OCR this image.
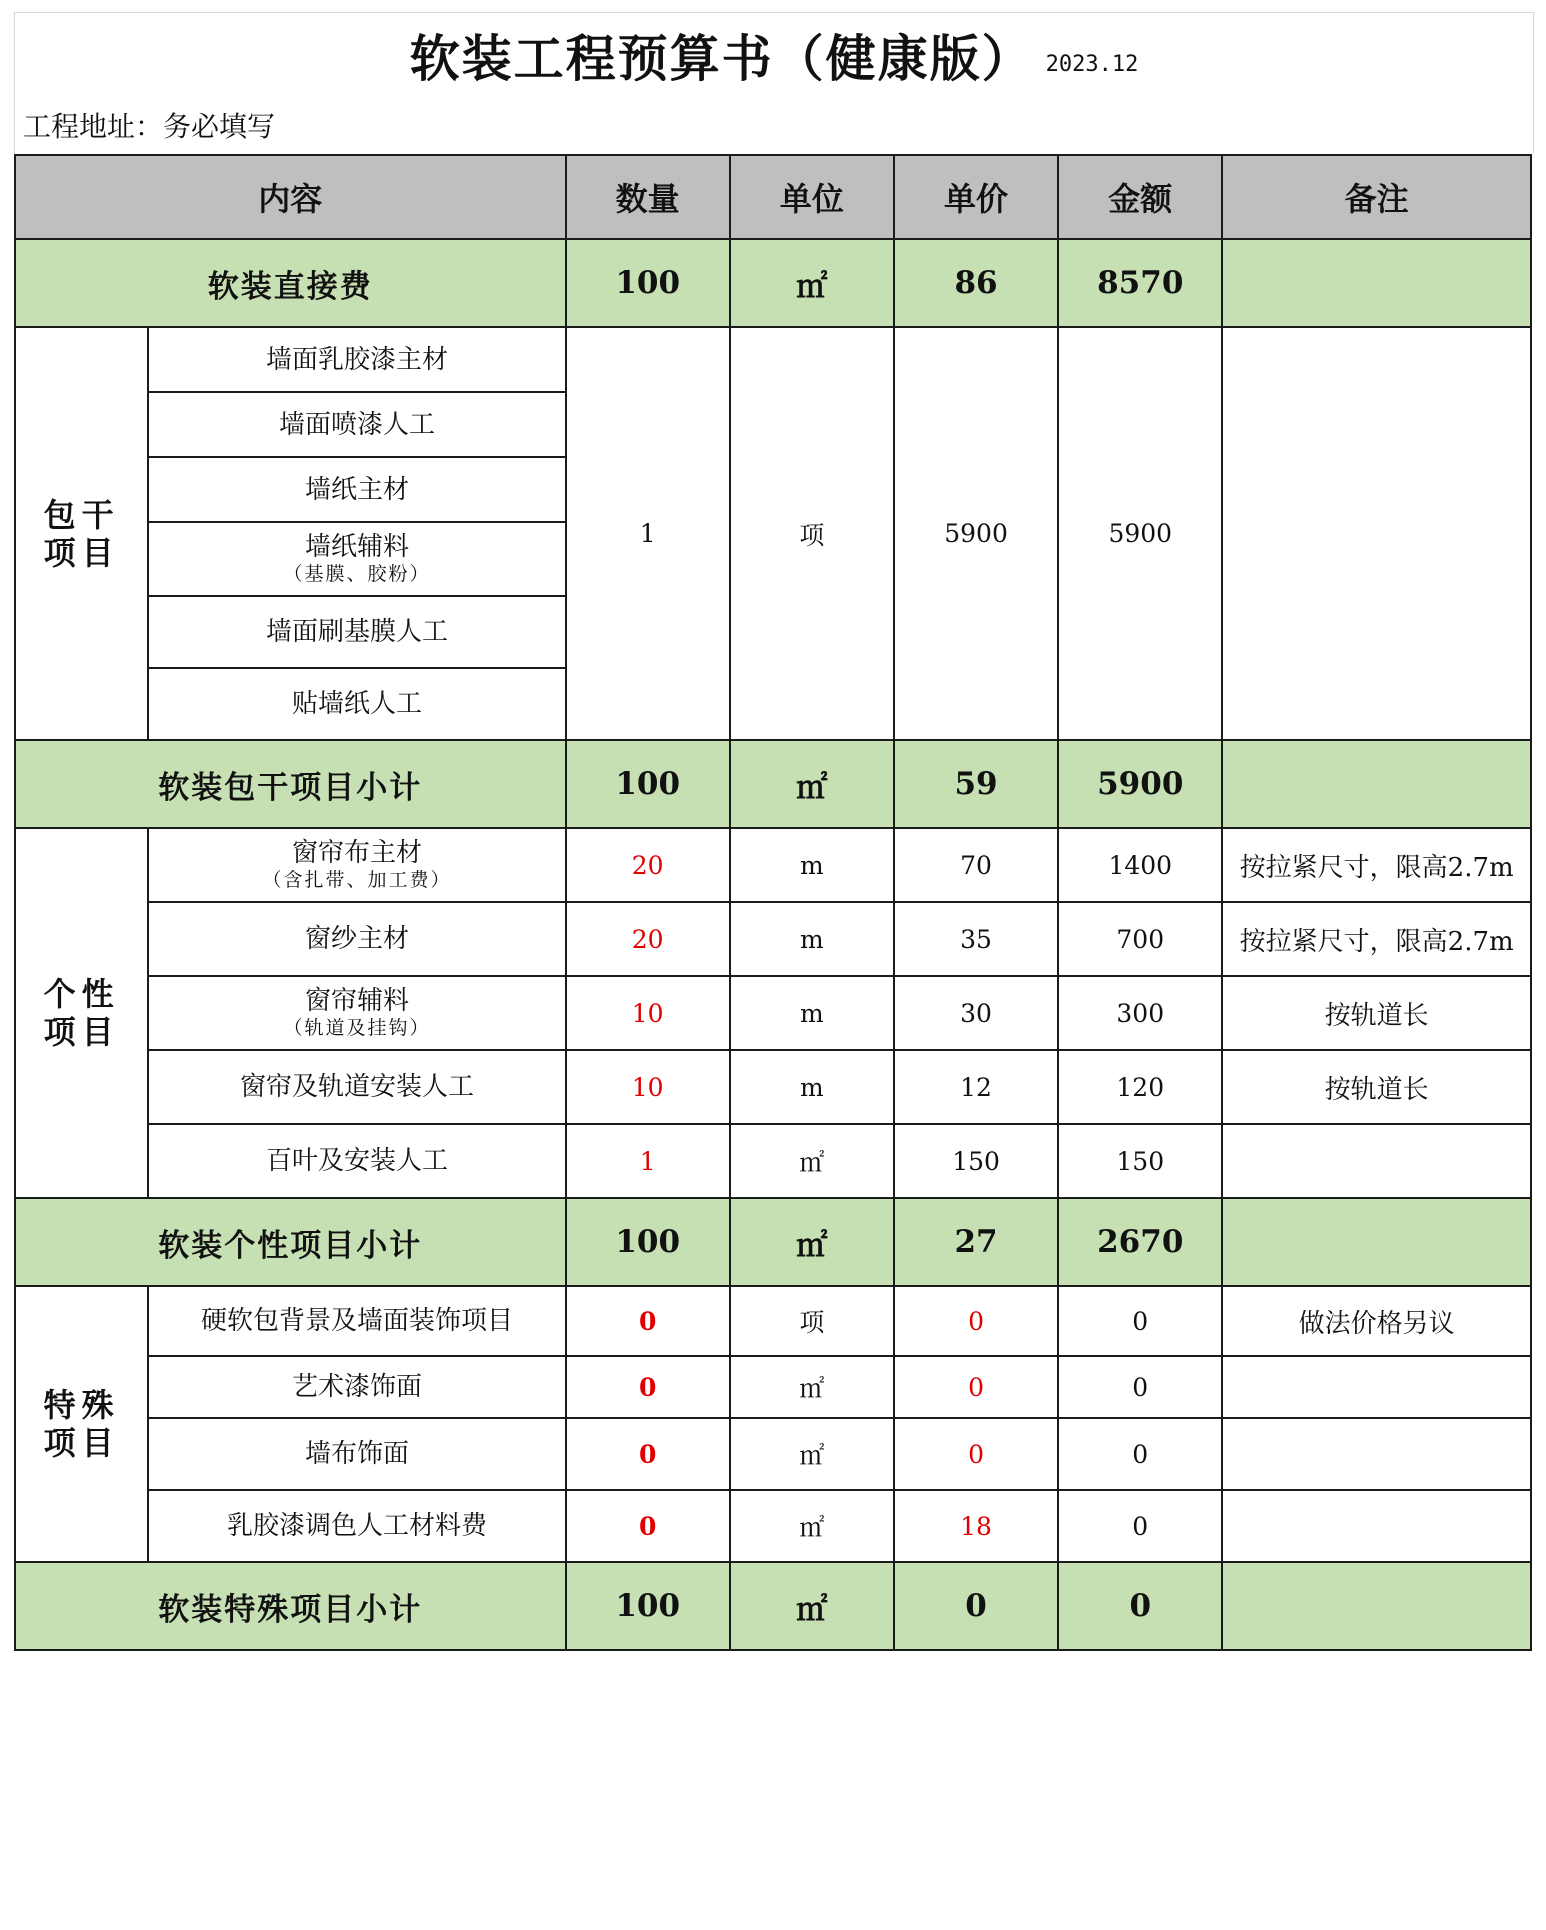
软装工程预算书（健康版） 2023.12
工程地址： 务必填写
内容		数量	单位	单价	金额	备注
软装直接费		100	㎡	86	8570	
包干
项目	墙面乳胶漆主材	1	项	5900	5900	
	墙面喷漆人工					
	墙纸主材					
	墙纸辅料
（基膜、胶粉）					

	墙面刷基膜人工					
	贴墙纸人工					
软装包干项目小计		100	㎡	59	5900	
个性
项目	窗帘布主材
（含扎带、加工费）	20	m	70	1400	按拉紧尺寸，限高2.7m
	窗纱主材	20	m	35	700	按拉紧尺寸，限高2.7m
	窗帘辅料
（轨道及挂钩）	10	m	30	300	按轨道长
	窗帘及轨道安装人工	10	m	12	120	按轨道长
	百叶及安装人工	1	㎡	150	150	
软装个性项目小计		100	㎡	27	2670	
特殊
项目	硬软包背景及墙面装饰项目	0	项	0	0	做法价格另议
	艺术漆饰面	0	㎡	0	0	
	墙布饰面	0	㎡	0	0	
	乳胶漆调色人工材料费	0	㎡	18	0	
软装特殊项目小计		100	㎡	0	0	
